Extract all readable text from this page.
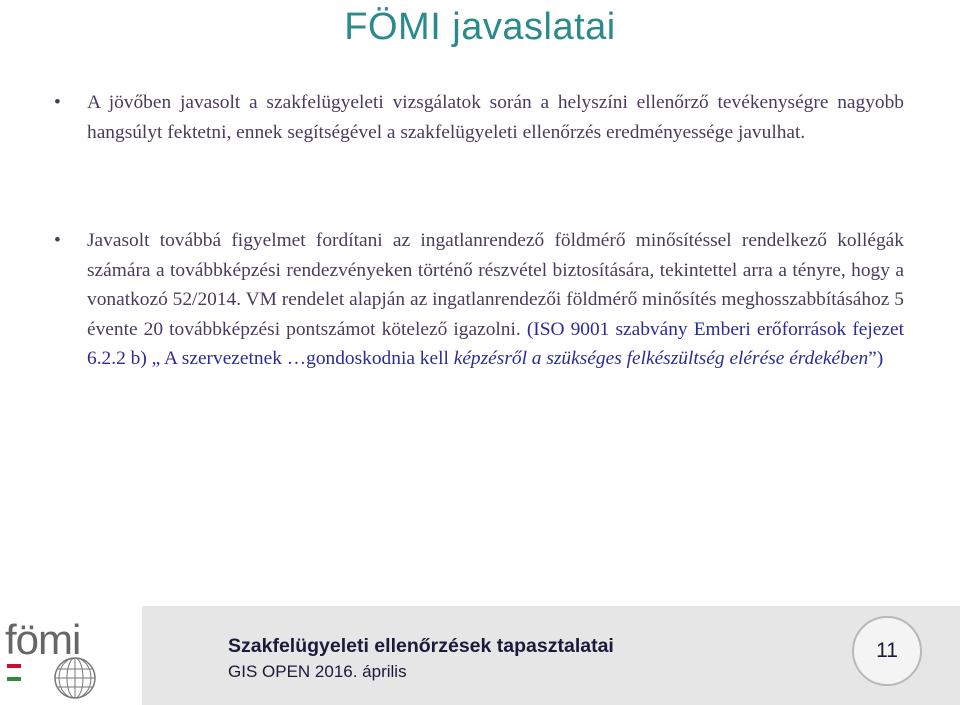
FÖMI javaslatai
• A jövőben javasolt a szakfelügyeleti vizsgálatok során a helyszíni ellenőrző tevékenységre nagyobb hangsúlyt fektetni, ennek segítségével a szakfelügyeleti ellenőrzés eredményessége javulhat.
• Javasolt továbbá figyelmet fordítani az ingatlanrendező földmérő minősítéssel rendelkező kollégák számára a továbbképzési rendezvényeken történő részvétel biztosítására, tekintettel arra a tényre, hogy a vonatkozó 52/2014. VM rendelet alapján az ingatlanrendezői földmérő minősítés meghosszabbításához 5 évente 20 továbbképzési pontszámot kötelező igazolni. (ISO 9001 szabvány Emberi erőforrások fejezet 6.2.2 b) „ A szervezetnek …gondoskodnia kell képzésről a szükséges felkészültség elérése érdekében”)
fömi	Szakfelügyeleti ellenőrzések tapasztalatai
GIS OPEN 2016. április
11
